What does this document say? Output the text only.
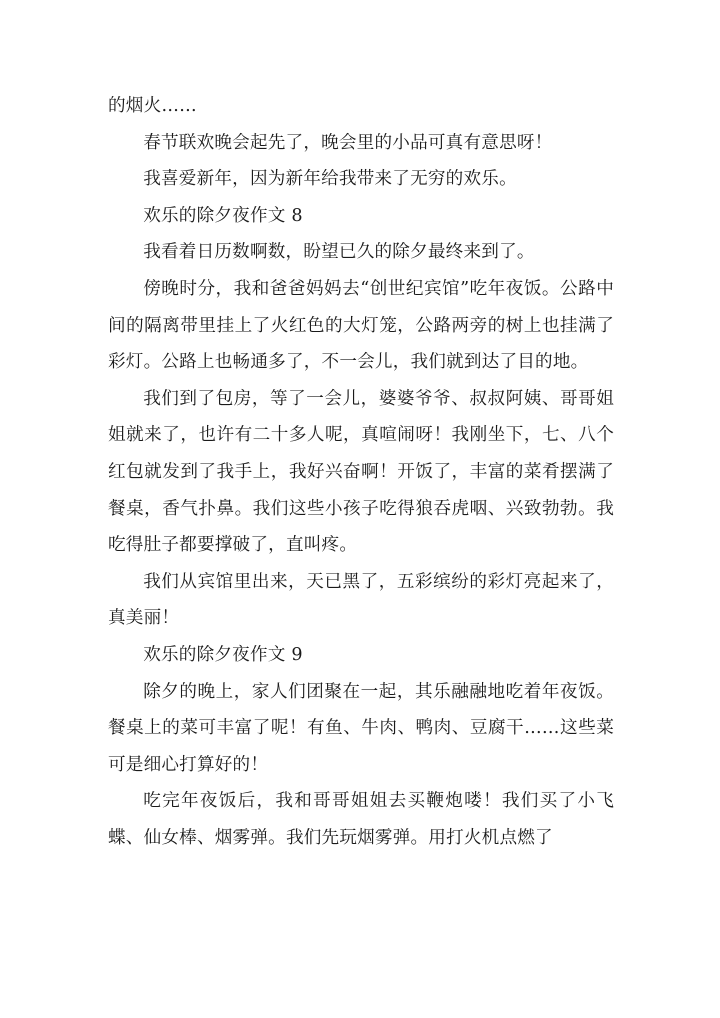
的烟火……

春节联欢晚会起先了，晚会里的小品可真有意思呀！

我喜爱新年，因为新年给我带来了无穷的欢乐。

欢乐的除夕夜作文 8

我看着日历数啊数，盼望已久的除夕最终来到了。

傍晚时分，我和爸爸妈妈去“创世纪宾馆”吃年夜饭。公路中间的隔离带里挂上了火红色的大灯笼，公路两旁的树上也挂满了彩灯。公路上也畅通多了，不一会儿，我们就到达了目的地。

我们到了包房，等了一会儿，婆婆爷爷、叔叔阿姨、哥哥姐姐就来了，也许有二十多人呢，真喧闹呀！我刚坐下，七、八个红包就发到了我手上，我好兴奋啊！开饭了，丰富的菜肴摆满了餐桌，香气扑鼻。我们这些小孩子吃得狼吞虎咽、兴致勃勃。我吃得肚子都要撑破了，直叫疼。

我们从宾馆里出来，天已黑了，五彩缤纷的彩灯亮起来了，真美丽！

欢乐的除夕夜作文 9

除夕的晚上，家人们团聚在一起，其乐融融地吃着年夜饭。餐桌上的菜可丰富了呢！有鱼、牛肉、鸭肉、豆腐干……这些菜可是细心打算好的！

吃完年夜饭后，我和哥哥姐姐去买鞭炮喽！我们买了小飞蝶、仙女棒、烟雾弹。我们先玩烟雾弹。用打火机点燃了
